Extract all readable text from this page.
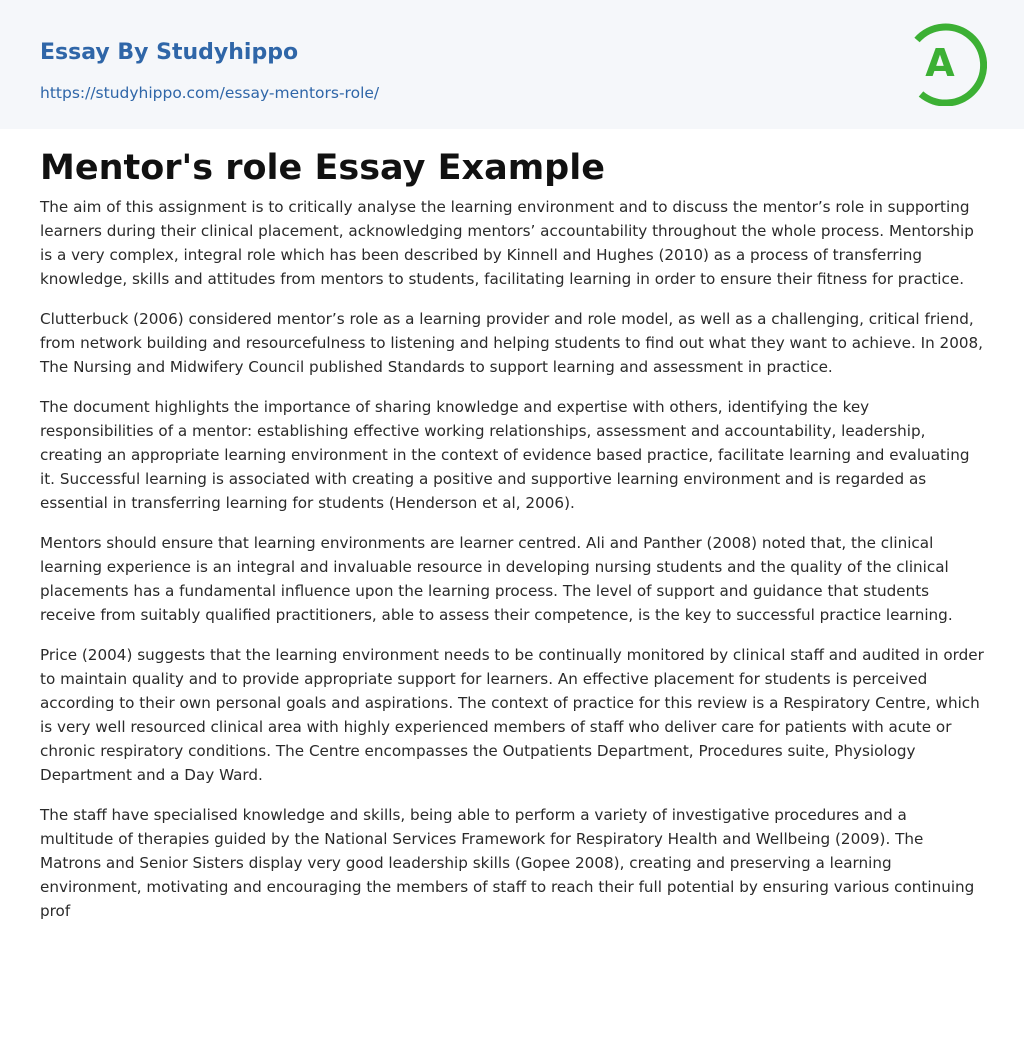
Essay By Studyhippo
https://studyhippo.com/essay-mentors-role/
A
Mentor's role Essay Example

The aim of this assignment is to critically analyse the learning environment and to discuss the mentor’s role in supporting learners during their clinical placement, acknowledging mentors’ accountability throughout the whole process. Mentorship is a very complex, integral role which has been described by Kinnell and Hughes (2010) as a process of transferring knowledge, skills and attitudes from mentors to students, facilitating learning in order to ensure their fitness for practice.

Clutterbuck (2006) considered mentor’s role as a learning provider and role model, as well as a challenging, critical friend, from network building and resourcefulness to listening and helping students to find out what they want to achieve. In 2008, The Nursing and Midwifery Council published Standards to support learning and assessment in practice.

The document highlights the importance of sharing knowledge and expertise with others, identifying the key responsibilities of a mentor: establishing effective working relationships, assessment and accountability, leadership, creating an appropriate learning environment in the context of evidence based practice, facilitate learning and evaluating it. Successful learning is associated with creating a positive and supportive learning environment and is regarded as essential in transferring learning for students (Henderson et al, 2006).

Mentors should ensure that learning environments are learner centred. Ali and Panther (2008) noted that, the clinical learning experience is an integral and invaluable resource in developing nursing students and the quality of the clinical placements has a fundamental influence upon the learning process. The level of support and guidance that students receive from suitably qualified practitioners, able to assess their competence, is the key to successful practice learning.

Price (2004) suggests that the learning environment needs to be continually monitored by clinical staff and audited in order to maintain quality and to provide appropriate support for learners. An effective placement for students is perceived according to their own personal goals and aspirations. The context of practice for this review is a Respiratory Centre, which is very well resourced clinical area with highly experienced members of staff who deliver care for patients with acute or chronic respiratory conditions. The Centre encompasses the Outpatients Department, Procedures suite, Physiology Department and a Day Ward.

The staff have specialised knowledge and skills, being able to perform a variety of investigative procedures and a multitude of therapies guided by the National Services Framework for Respiratory Health and Wellbeing (2009). The Matrons and Senior Sisters display very good leadership skills (Gopee 2008), creating and preserving a learning environment, motivating and encouraging the members of staff to reach their full potential by ensuring various continuing prof
